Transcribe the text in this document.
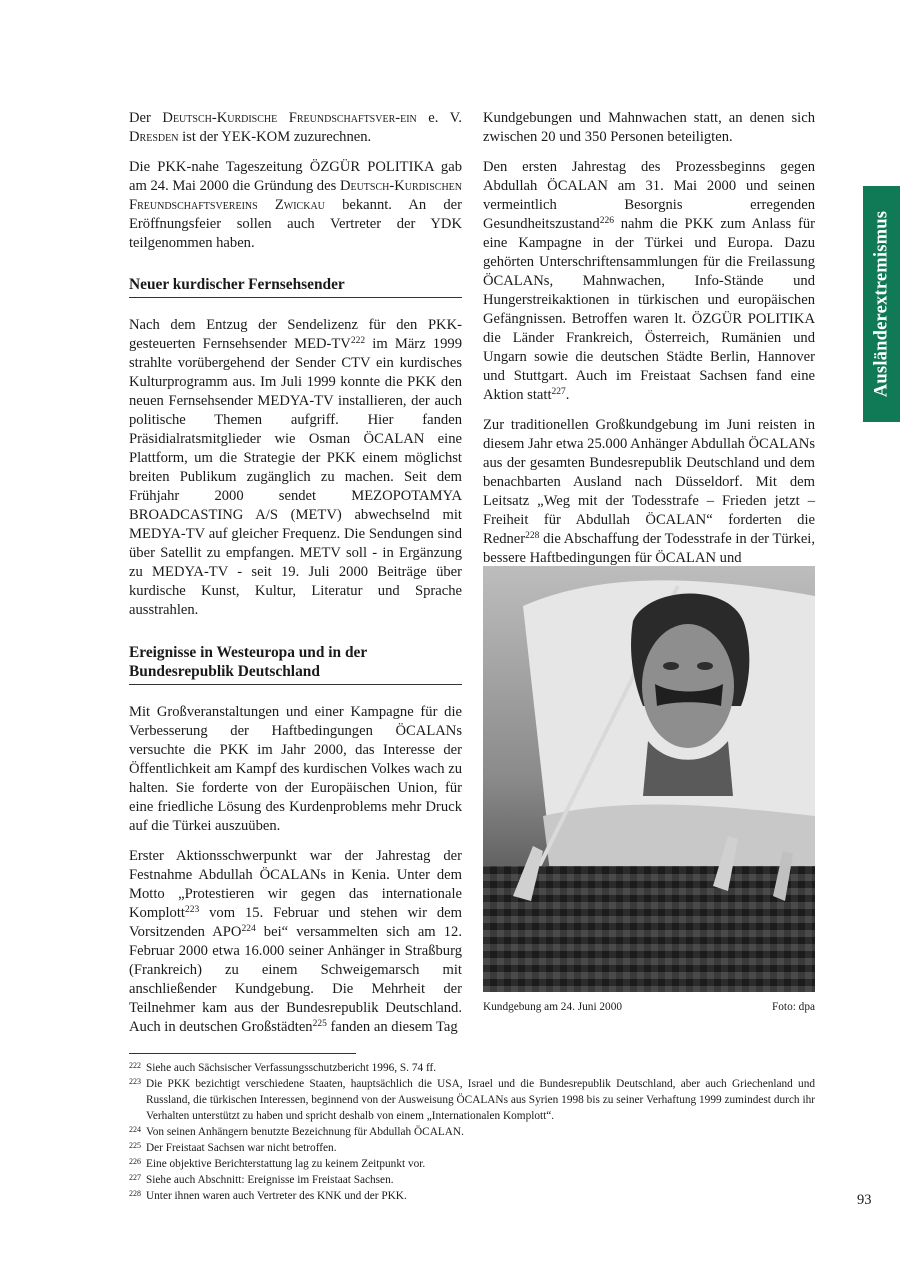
Ausländerextremismus

Der Deutsch-Kurdische Freundschaftsver-ein e. V. Dresden ist der YEK-KOM zuzurechnen.

Die PKK-nahe Tageszeitung ÖZGÜR POLITIKA gab am 24. Mai 2000 die Gründung des Deutsch-Kurdischen Freundschaftsvereins Zwickau bekannt. An der Eröffnungsfeier sollen auch Vertreter der YDK teilgenommen haben.

Neuer kurdischer Fernsehsender

Nach dem Entzug der Sendelizenz für den PKK-gesteuerten Fernsehsender MED-TV$^{222}$ im März 1999 strahlte vorübergehend der Sender CTV ein kurdisches Kulturprogramm aus. Im Juli 1999 konnte die PKK den neuen Fernsehsender MEDYA-TV installieren, der auch politische Themen aufgriff. Hier fanden Präsidialratsmitglieder wie Osman ÖCALAN eine Plattform, um die Strategie der PKK einem möglichst breiten Publikum zugänglich zu machen. Seit dem Frühjahr 2000 sendet MEZOPOTAMYA BROADCASTING A/S (METV) abwechselnd mit MEDYA-TV auf gleicher Frequenz. Die Sendungen sind über Satellit zu empfangen. METV soll - in Ergänzung zu MEDYA-TV - seit 19. Juli 2000 Beiträge über kurdische Kunst, Kultur, Literatur und Sprache ausstrahlen.

Ereignisse in Westeuropa und in der Bundesrepublik Deutschland

Mit Großveranstaltungen und einer Kampagne für die Verbesserung der Haftbedingungen ÖCALANs versuchte die PKK im Jahr 2000, das Interesse der Öffentlichkeit am Kampf des kurdischen Volkes wach zu halten. Sie forderte von der Europäischen Union, für eine friedliche Lösung des Kurdenproblems mehr Druck auf die Türkei auszuüben.

Erster Aktionsschwerpunkt war der Jahrestag der Festnahme Abdullah ÖCALANs in Kenia. Unter dem Motto „Protestieren wir gegen das internationale Komplott$^{223}$ vom 15. Februar und stehen wir dem Vorsitzenden APO$^{224}$ bei“ versammelten sich am 12. Februar 2000 etwa 16.000 seiner Anhänger in Straßburg (Frankreich) zu einem Schweigemarsch mit anschließender Kundgebung. Die Mehrheit der Teilnehmer kam aus der Bundesrepublik Deutschland. Auch in deutschen Großstädten$^{225}$ fanden an diesem Tag

Kundgebungen und Mahnwachen statt, an denen sich zwischen 20 und 350 Personen beteiligten.

Den ersten Jahrestag des Prozessbeginns gegen Abdullah ÖCALAN am 31. Mai 2000 und seinen vermeintlich Besorgnis erregenden Gesundheitszustand$^{226}$ nahm die PKK zum Anlass für eine Kampagne in der Türkei und Europa. Dazu gehörten Unterschriftensammlungen für die Freilassung ÖCALANs, Mahnwachen, Info-Stände und Hungerstreikaktionen in türkischen und europäischen Gefängnissen. Betroffen waren lt. ÖZGÜR POLITIKA die Länder Frankreich, Österreich, Rumänien und Ungarn sowie die deutschen Städte Berlin, Hannover und Stuttgart. Auch im Freistaat Sachsen fand eine Aktion statt$^{227}$.

Zur traditionellen Großkundgebung im Juni reisten in diesem Jahr etwa 25.000 Anhänger Abdullah ÖCALANs aus der gesamten Bundesrepublik Deutschland und dem benachbarten Ausland nach Düsseldorf. Mit dem Leitsatz „Weg mit der Todesstrafe – Frieden jetzt – Freiheit für Abdullah ÖCALAN“ forderten die Redner$^{228}$ die Abschaffung der Todesstrafe in der Türkei, bessere Haftbedingungen für ÖCALAN und

Kundgebung am 24. Juni 2000	Foto: dpa
222 Siehe auch Sächsischer Verfassungsschutzbericht 1996, S. 74 ff.
223 Die PKK bezichtigt verschiedene Staaten, hauptsächlich die USA, Israel und die Bundesrepublik Deutschland, aber auch Griechenland und Russland, die türkischen Interessen, beginnend von der Ausweisung ÖCALANs aus Syrien 1998 bis zu seiner Verhaftung 1999 zumindest durch ihr Verhalten unterstützt zu haben und spricht deshalb von einem „Internationalen Komplott“.
224 Von seinen Anhängern benutzte Bezeichnung für Abdullah ÖCALAN.
225 Der Freistaat Sachsen war nicht betroffen.
226 Eine objektive Berichterstattung lag zu keinem Zeitpunkt vor.
227 Siehe auch Abschnitt: Ereignisse im Freistaat Sachsen.
228 Unter ihnen waren auch Vertreter des KNK und der PKK.	93
